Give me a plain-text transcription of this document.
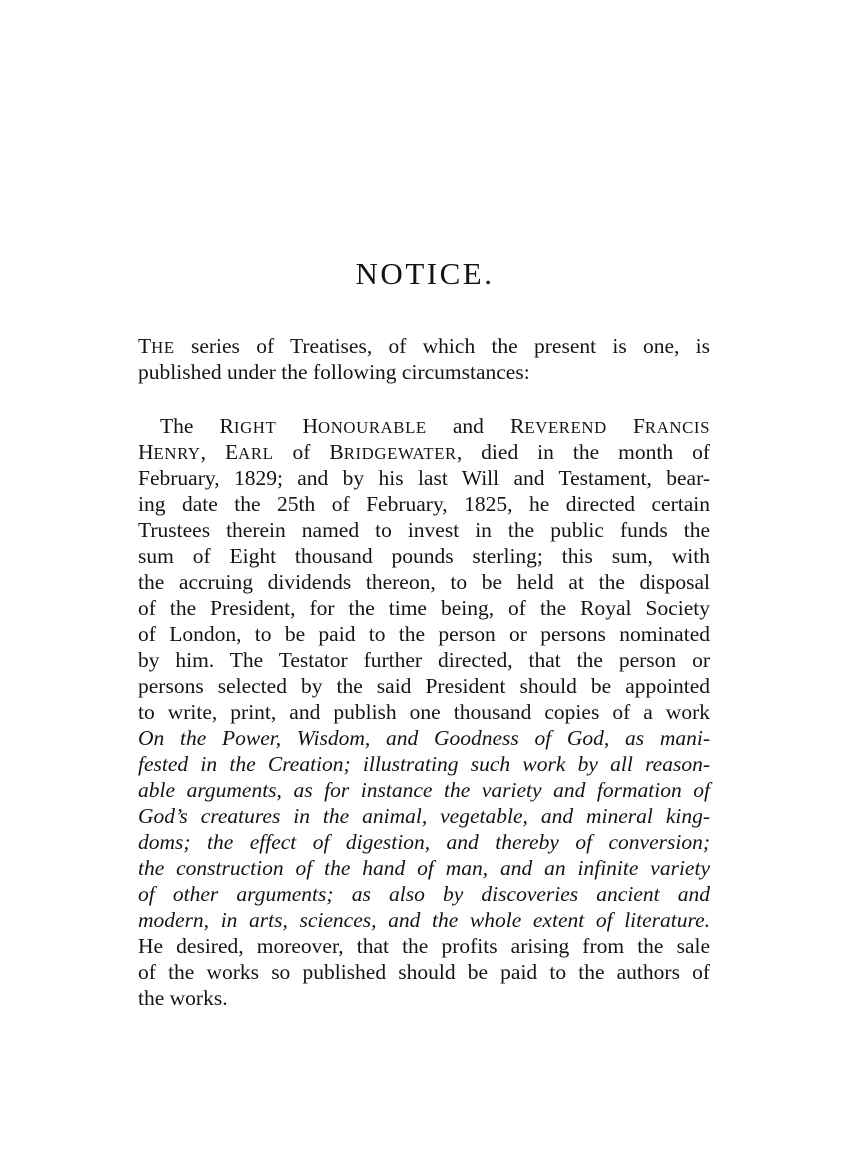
NOTICE.
THE series of Treatises, of which the present is one, is
published under the following circumstances:
The RIGHT HONOURABLE and REVEREND FRANCIS
HENRY, EARL of BRIDGEWATER, died in the month of
February, 1829; and by his last Will and Testament, bear-
ing date the 25th of February, 1825, he directed certain
Trustees therein named to invest in the public funds the
sum of Eight thousand pounds sterling; this sum, with
the accruing dividends thereon, to be held at the disposal
of the President, for the time being, of the Royal Society
of London, to be paid to the person or persons nominated
by him. The Testator further directed, that the person or
persons selected by the said President should be appointed
to write, print, and publish one thousand copies of a work
On the Power, Wisdom, and Goodness of God, as mani-
fested in the Creation; illustrating such work by all reason-
able arguments, as for instance the variety and formation of
God’s creatures in the animal, vegetable, and mineral king-
doms; the effect of digestion, and thereby of conversion;
the construction of the hand of man, and an infinite variety
of other arguments; as also by discoveries ancient and
modern, in arts, sciences, and the whole extent of literature.
He desired, moreover, that the profits arising from the sale
of the works so published should be paid to the authors of
the works.
